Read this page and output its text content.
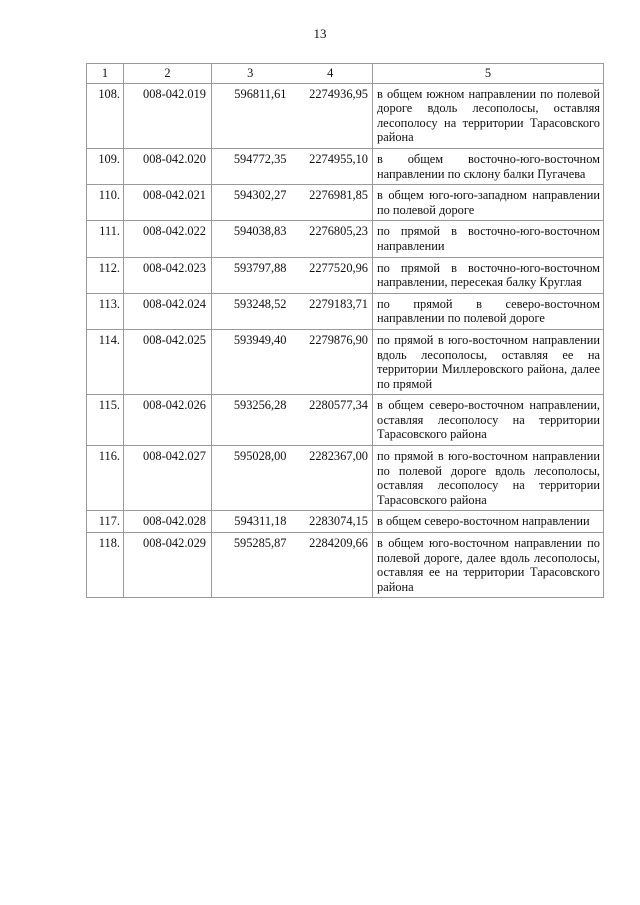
13
1	2	3	4	5
108.	008-042.019	596811,61	2274936,95	в общем южном направлении по полевой дороге вдоль лесополосы, оставляя лесополосу на территории Тарасовского района
109.	008-042.020	594772,35	2274955,10	в общем восточно-юго-восточном направлении по склону балки Пугачева
110.	008-042.021	594302,27	2276981,85	в общем юго-юго-западном направлении по полевой дороге
111.	008-042.022	594038,83	2276805,23	по прямой в восточно-юго-восточном направлении
112.	008-042.023	593797,88	2277520,96	по прямой в восточно-юго-восточном направлении, пересекая балку Круглая
113.	008-042.024	593248,52	2279183,71	по прямой в северо-восточном направлении по полевой дороге
114.	008-042.025	593949,40	2279876,90	по прямой в юго-восточном направлении вдоль лесополосы, оставляя ее на территории Миллеровского района, далее по прямой
115.	008-042.026	593256,28	2280577,34	в общем северо-восточном направлении, оставляя лесополосу на территории Тарасовского района
116.	008-042.027	595028,00	2282367,00	по прямой в юго-восточном направлении по полевой дороге вдоль лесополосы, оставляя лесополосу на территории Тарасовского района
117.	008-042.028	594311,18	2283074,15	в общем северо-восточном направлении
118.	008-042.029	595285,87	2284209,66	в общем юго-восточном направлении по полевой дороге, далее вдоль лесополосы, оставляя ее на территории Тарасовского района
